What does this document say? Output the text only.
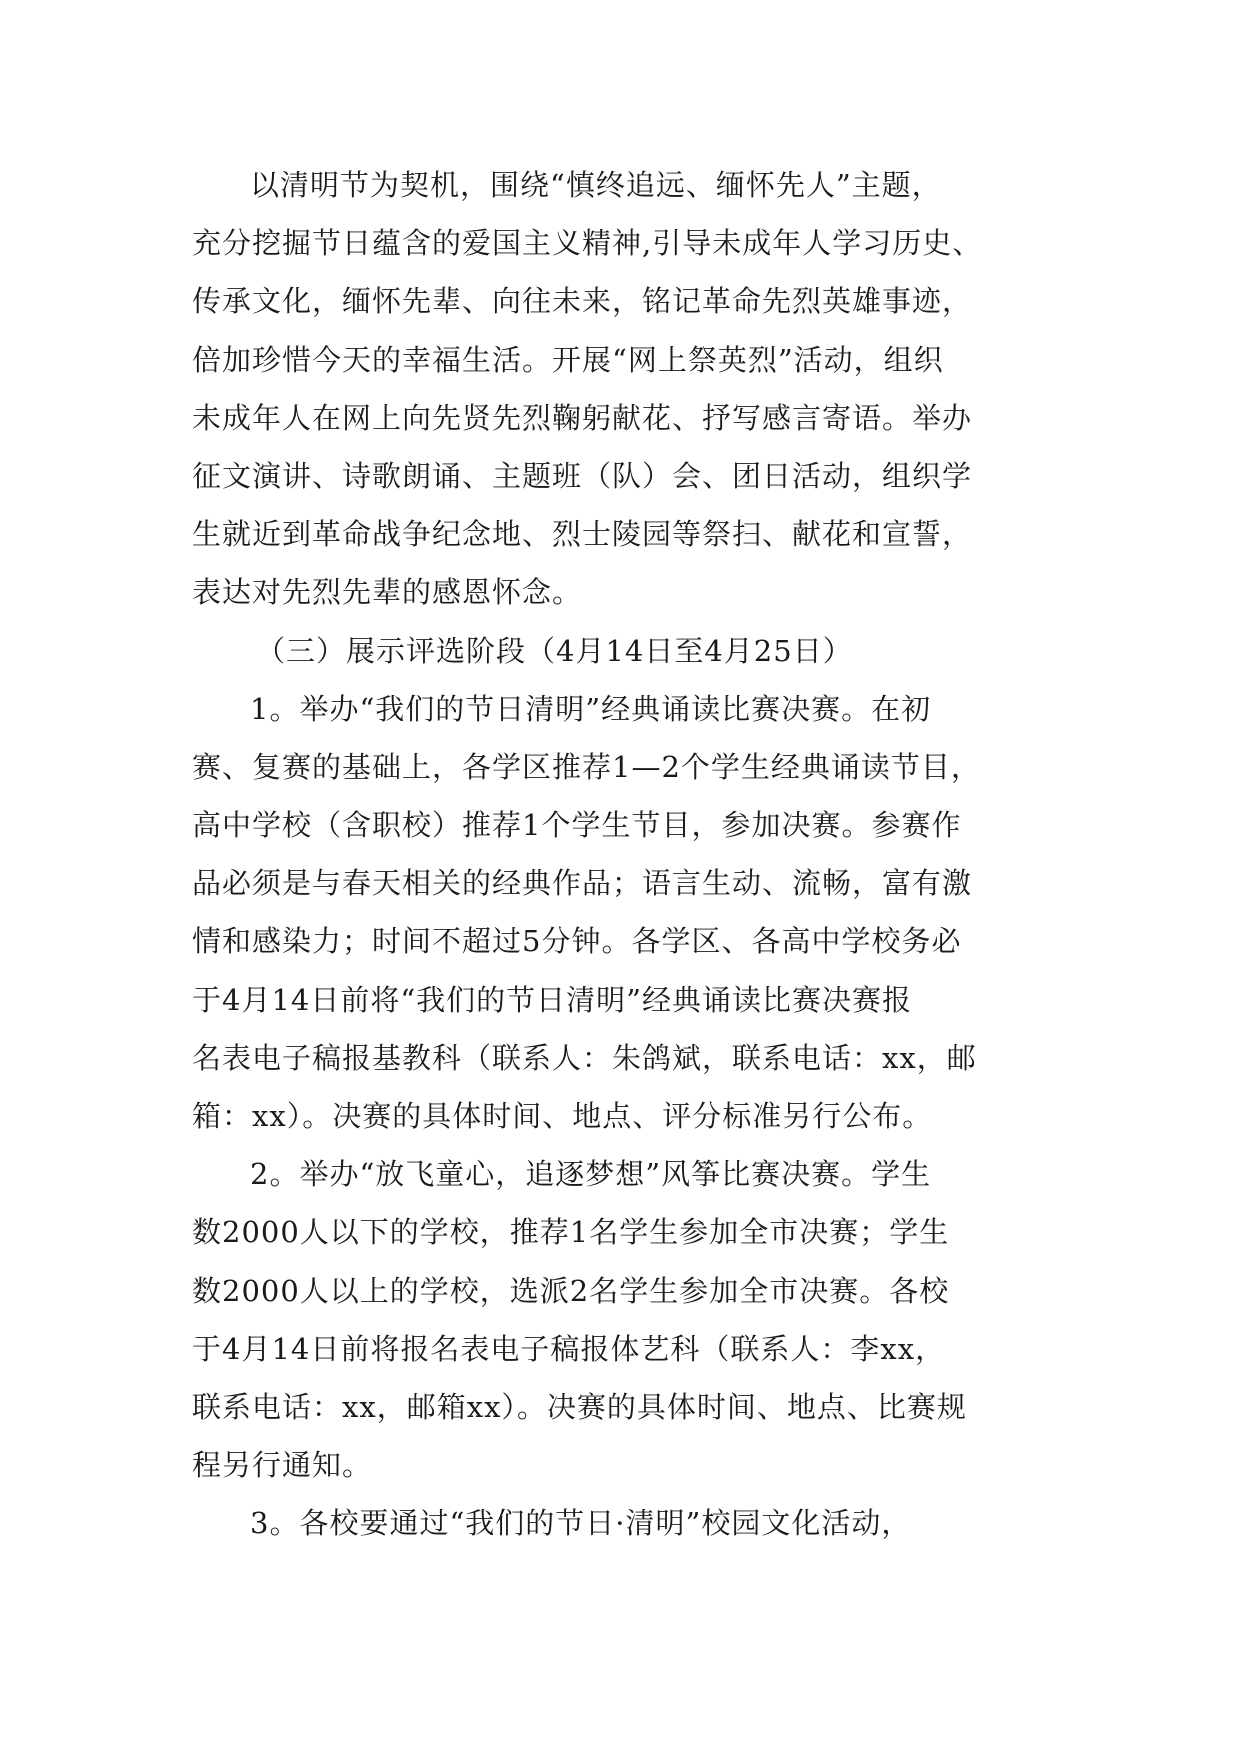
以清明节为契机，围绕“慎终追远、缅怀先人”主题，
充分挖掘节日蕴含的爱国主义精神,引导未成年人学习历史、
传承文化，缅怀先辈、向往未来，铭记革命先烈英雄事迹，
倍加珍惜今天的幸福生活。开展“网上祭英烈”活动，组织
未成年人在网上向先贤先烈鞠躬献花、抒写感言寄语。举办
征文演讲、诗歌朗诵、主题班（队）会、团日活动，组织学
生就近到革命战争纪念地、烈士陵园等祭扫、献花和宣誓，
表达对先烈先辈的感恩怀念。
（三）展示评选阶段（4月14日至4月25日）
1。举办“我们的节日清明”经典诵读比赛决赛。在初
赛、复赛的基础上，各学区推荐1—2个学生经典诵读节目，
高中学校（含职校）推荐1个学生节目，参加决赛。参赛作
品必须是与春天相关的经典作品；语言生动、流畅，富有激
情和感染力；时间不超过5分钟。各学区、各高中学校务必
于4月14日前将“我们的节日清明”经典诵读比赛决赛报
名表电子稿报基教科（联系人：朱鸽斌，联系电话：xx，邮
箱：xx）。决赛的具体时间、地点、评分标准另行公布。
2。举办“放飞童心，追逐梦想”风筝比赛决赛。学生
数2000人以下的学校，推荐1名学生参加全市决赛；学生
数2000人以上的学校，选派2名学生参加全市决赛。各校
于4月14日前将报名表电子稿报体艺科（联系人：李xx，
联系电话：xx，邮箱xx）。决赛的具体时间、地点、比赛规
程另行通知。
3。各校要通过“我们的节日·清明”校园文化活动，
